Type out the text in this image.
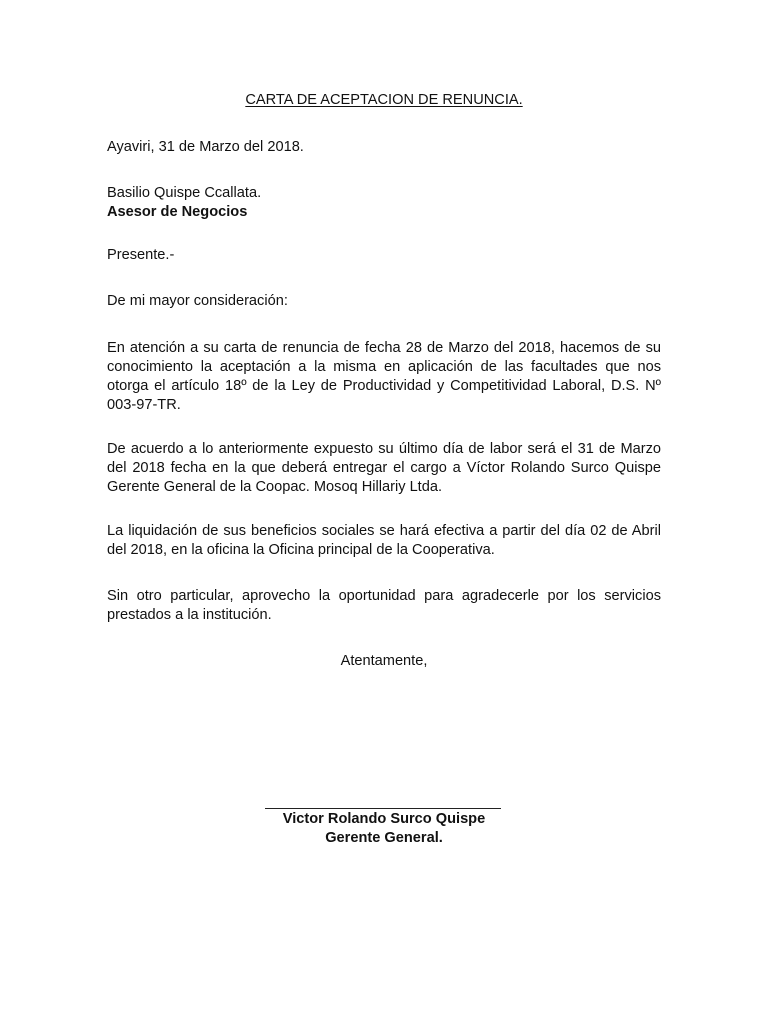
CARTA DE ACEPTACION DE RENUNCIA.

Ayaviri, 31 de Marzo del 2018.

Basilio Quispe Ccallata.

Asesor de Negocios

Presente.-

De mi mayor consideración:

En atención a su carta de renuncia de fecha 28 de Marzo del 2018, hacemos de su conocimiento la aceptación a la misma en aplicación de las facultades que nos otorga el artículo 18º de la Ley de Productividad y Competitividad Laboral, D.S. Nº 003-97-TR.

De acuerdo a lo anteriormente expuesto su último día de labor será el 31 de Marzo del 2018 fecha en la que deberá entregar el cargo a Víctor Rolando Surco Quispe Gerente General de la Coopac. Mosoq Hillariy Ltda.

La liquidación de sus beneficios sociales se hará efectiva a partir del día 02 de Abril del 2018, en la oficina la Oficina principal de la Cooperativa.

Sin otro particular, aprovecho la oportunidad para agradecerle por los servicios prestados a la institución.

Atentamente,

Victor Rolando Surco Quispe

Gerente General.
